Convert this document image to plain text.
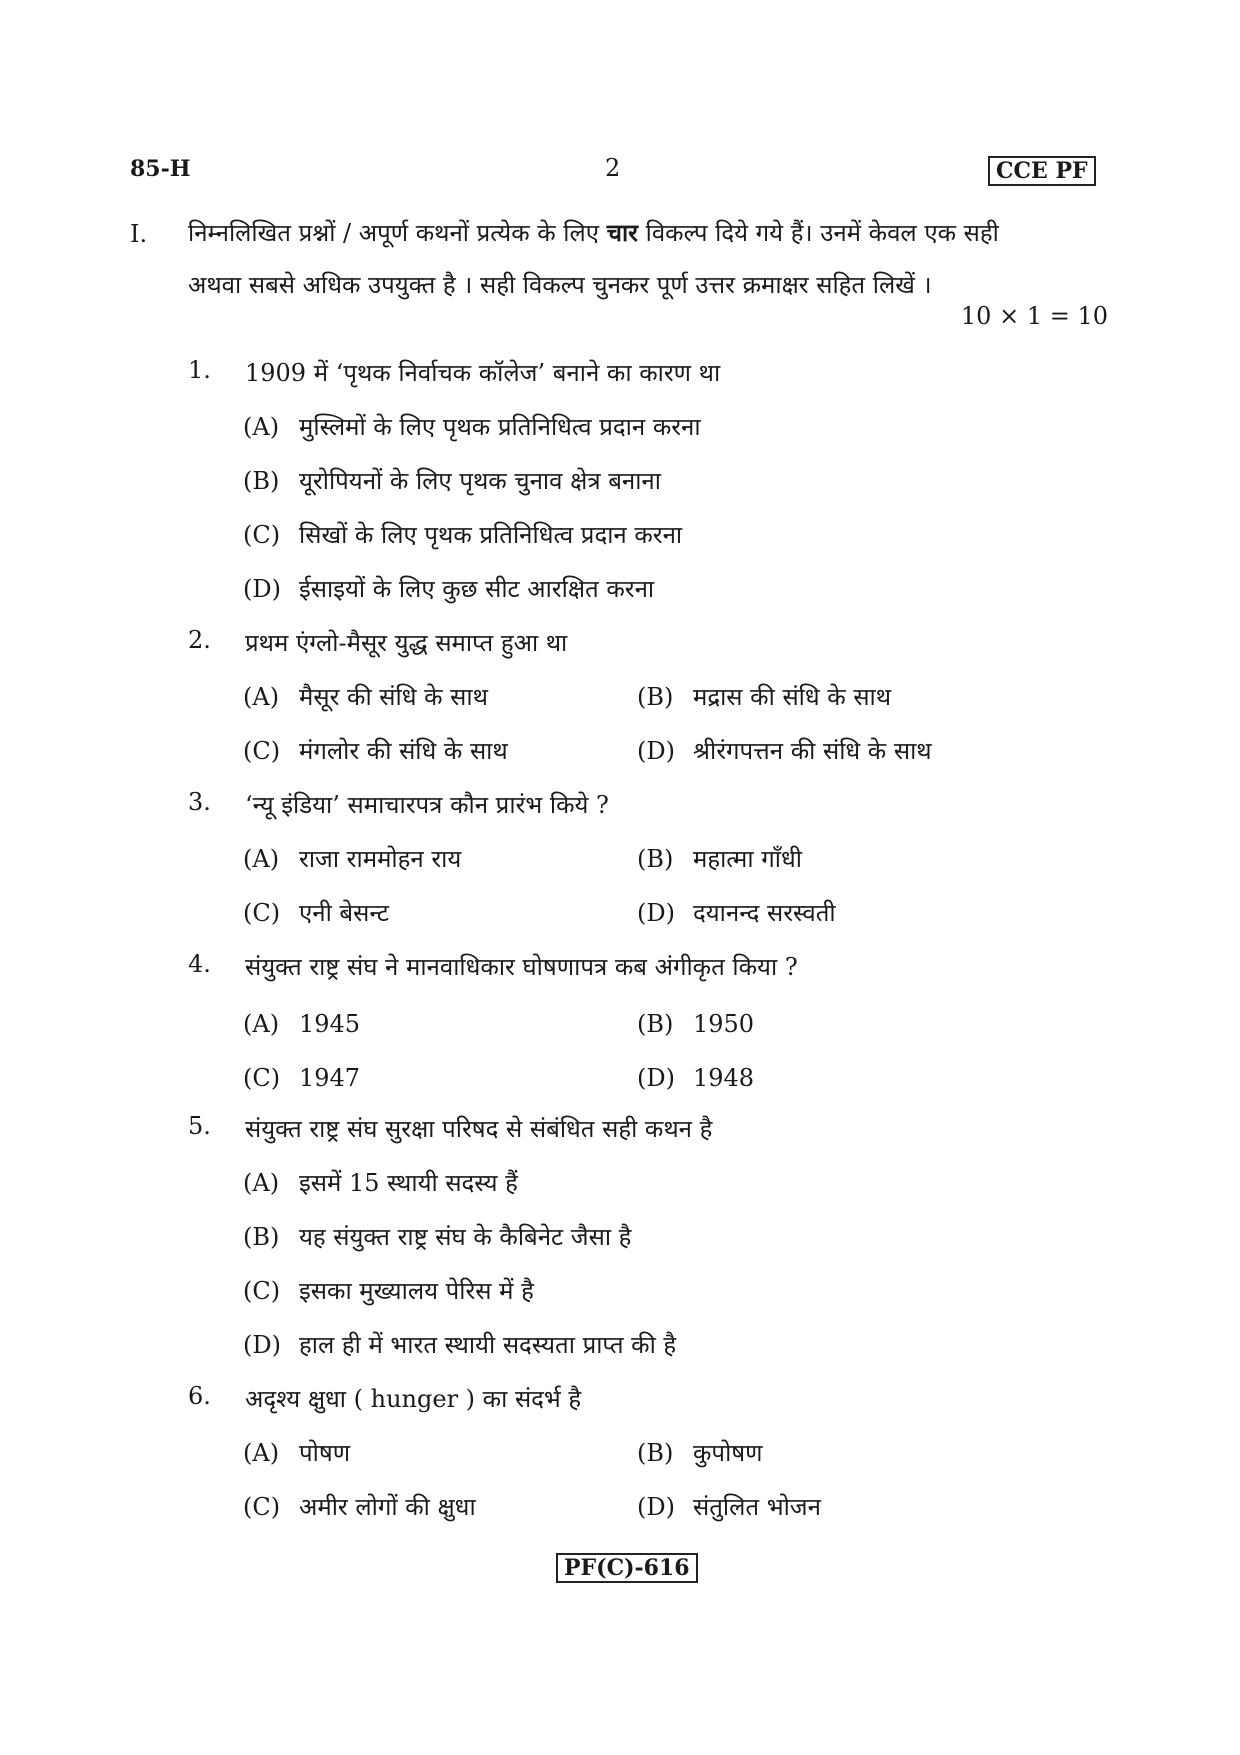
85-H	2	CCE PF
I. निम्नलिखित प्रश्नों / अपूर्ण कथनों प्रत्येक के लिए चार विकल्प दिये गये हैं। उनमें केवल एक सही
अथवा सबसे अधिक उपयुक्त है । सही विकल्प चुनकर पूर्ण उत्तर क्रमाक्षर सहित लिखें ।
10 × 1 = 10
1. 1909 में ‘पृथक निर्वाचक कॉलेज’ बनाने का कारण था
(A) मुस्लिमों के लिए पृथक प्रतिनिधित्व प्रदान करना
(B) यूरोपियनों के लिए पृथक चुनाव क्षेत्र बनाना
(C) सिखों के लिए पृथक प्रतिनिधित्व प्रदान करना
(D) ईसाइयों के लिए कुछ सीट आरक्षित करना
2. प्रथम एंग्लो-मैसूर युद्ध समाप्त हुआ था
(A) मैसूर की संधि के साथ	(B) मद्रास की संधि के साथ
(C) मंगलोर की संधि के साथ	(D) श्रीरंगपत्तन की संधि के साथ
3. ‘न्यू इंडिया’ समाचारपत्र कौन प्रारंभ किये ?
(A) राजा राममोहन राय	(B) महात्मा गाँधी
(C) एनी बेसन्ट	(D) दयानन्द सरस्वती
4. संयुक्त राष्ट्र संघ ने मानवाधिकार घोषणापत्र कब अंगीकृत किया ?
(A) 1945	(B) 1950
(C) 1947	(D) 1948
5. संयुक्त राष्ट्र संघ सुरक्षा परिषद से संबंधित सही कथन है
(A) इसमें 15 स्थायी सदस्य हैं
(B) यह संयुक्त राष्ट्र संघ के कैबिनेट जैसा है
(C) इसका मुख्यालय पेरिस में है
(D) हाल ही में भारत स्थायी सदस्यता प्राप्त की है
6. अदृश्य क्षुधा ( hunger ) का संदर्भ है
(A) पोषण	(B) कुपोषण
(C) अमीर लोगों की क्षुधा	(D) संतुलित भोजन
PF(C)-616
